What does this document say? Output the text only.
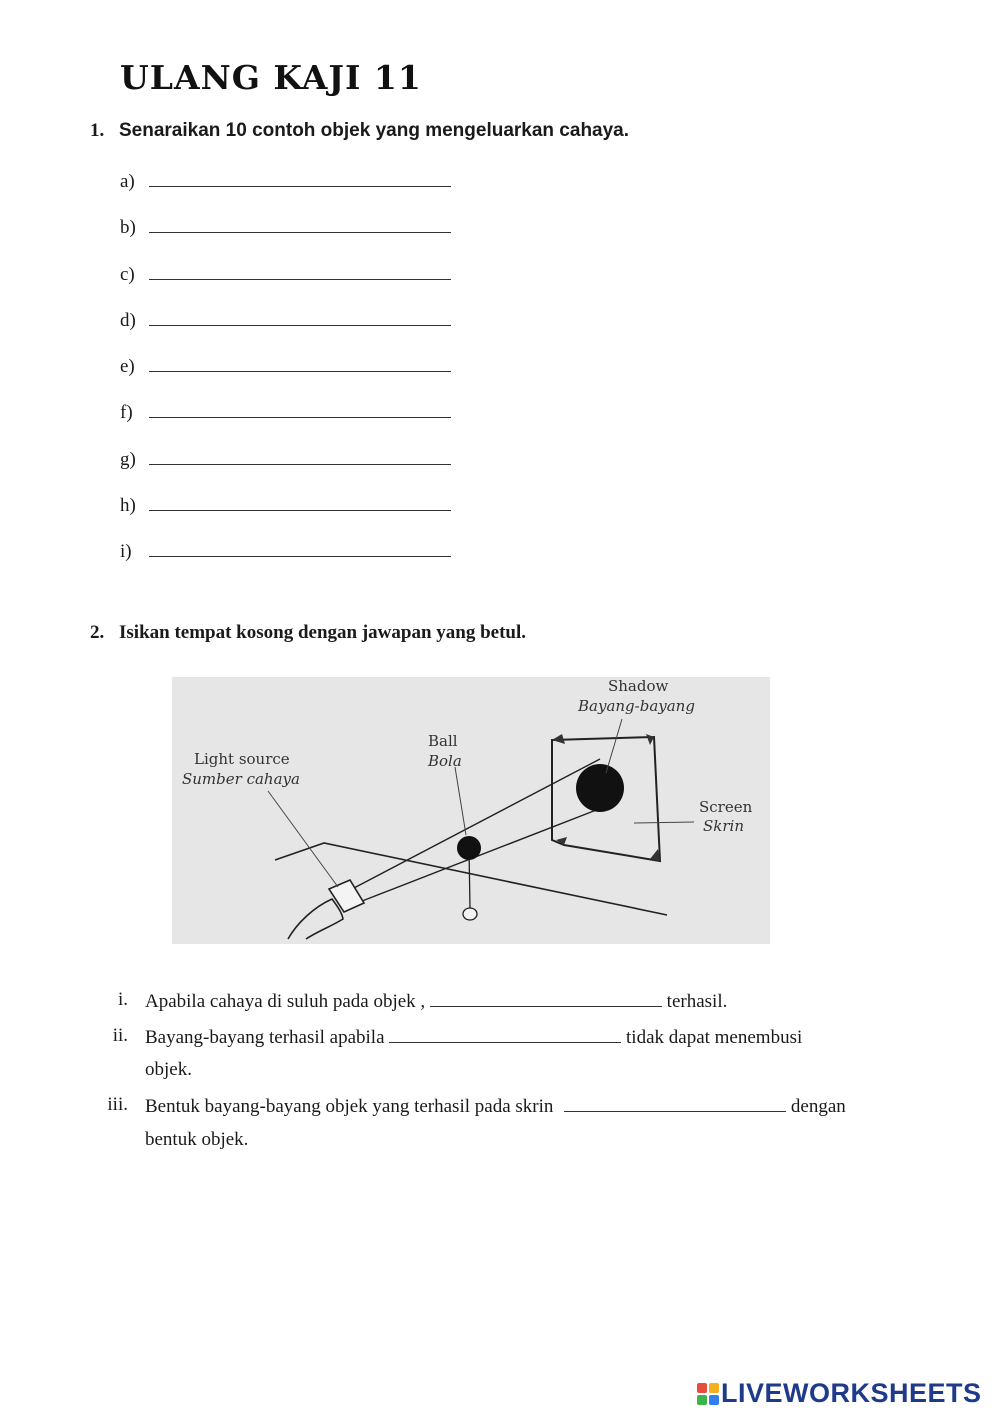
ULANG KAJI 11
1. Senaraikan 10 contoh objek yang mengeluarkan cahaya.
a)
b)
c)
d)
e)
f)
g)
h)
i)
2. Isikan tempat kosong dengan jawapan yang betul.
Shadow
Bayang-bayang
Ball
Bola
Light source
Sumber cahaya
Screen
Skrin
i. Apabila cahaya di suluh pada objek ,	terhasil.
ii. Bayang-bayang terhasil apabila	tidak dapat menembusi
objek.
iii. Bentuk bayang-bayang objek yang terhasil pada skrin	dengan
bentuk objek.
LIVEWORKSHEETS
